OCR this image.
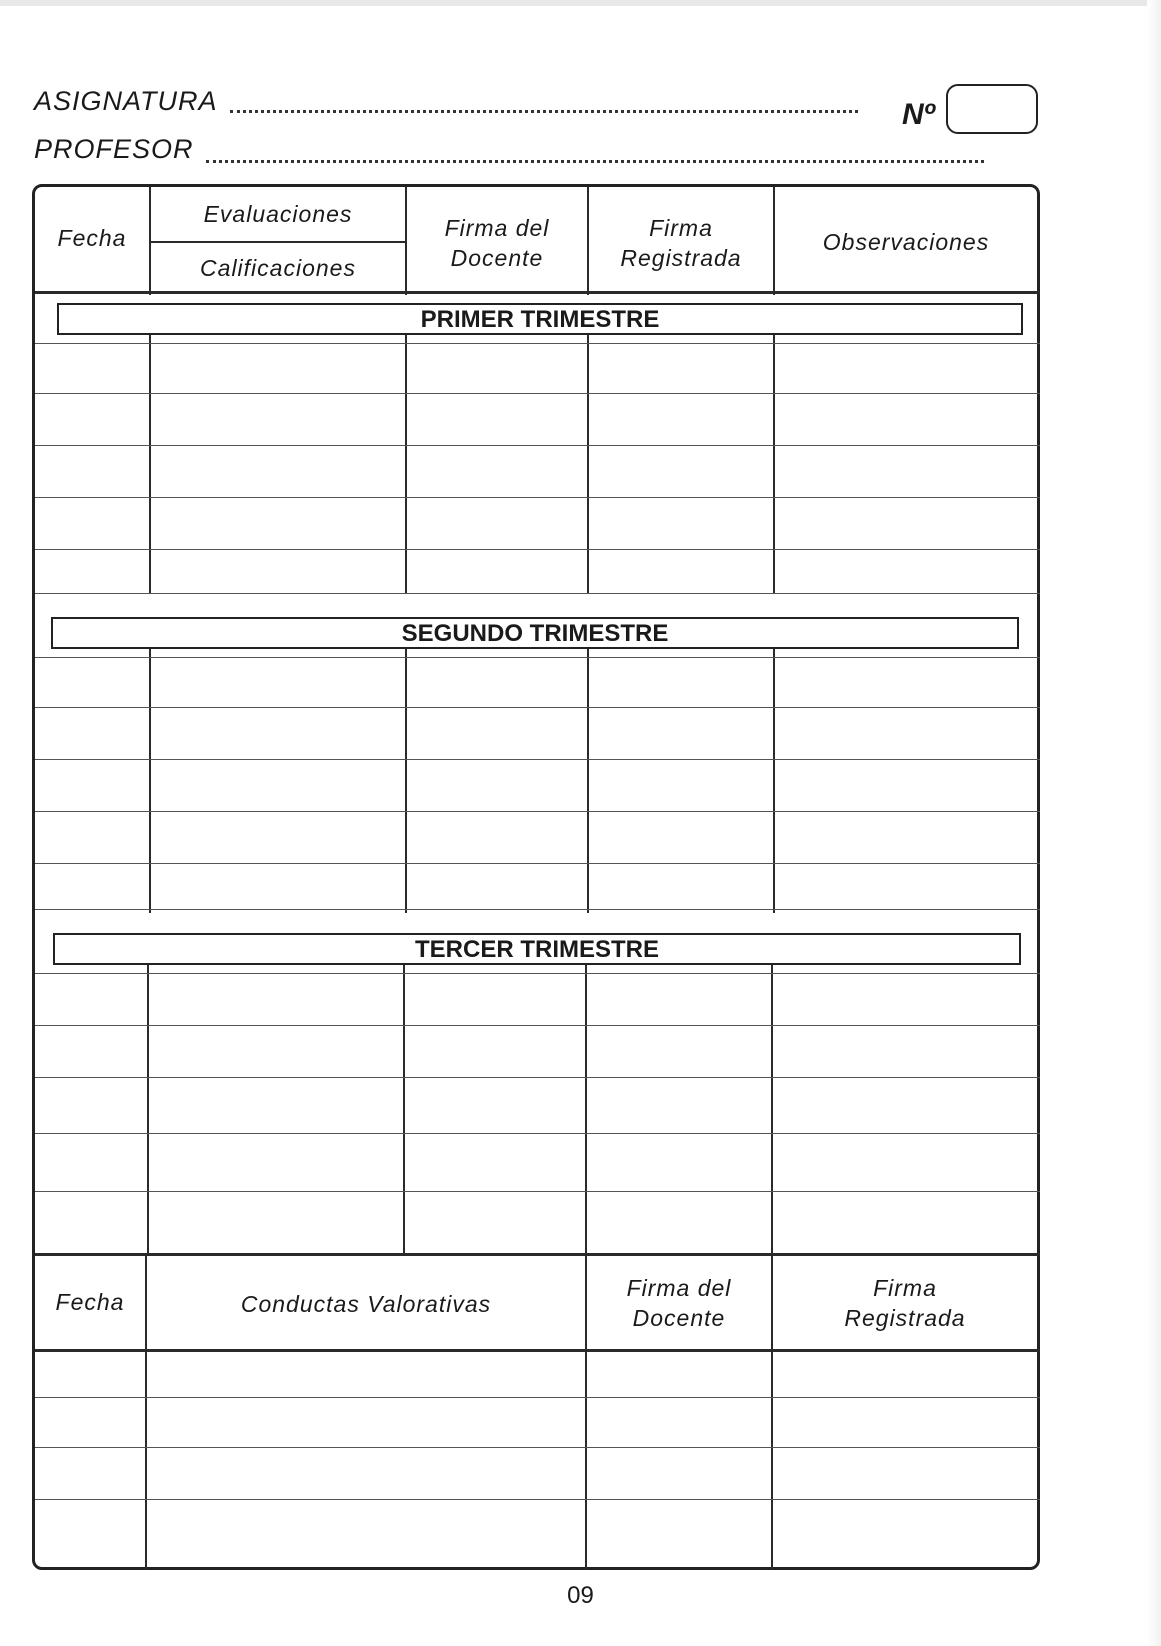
ASIGNATURA
PROFESOR
Nº
Fecha
Evaluaciones
Calificaciones
Firma del
Docente
Firma
Registrada
Observaciones
PRIMER TRIMESTRE
SEGUNDO TRIMESTRE
TERCER TRIMESTRE
Fecha	Conductas Valorativas
Firma del
Docente
Firma
Registrada
09
